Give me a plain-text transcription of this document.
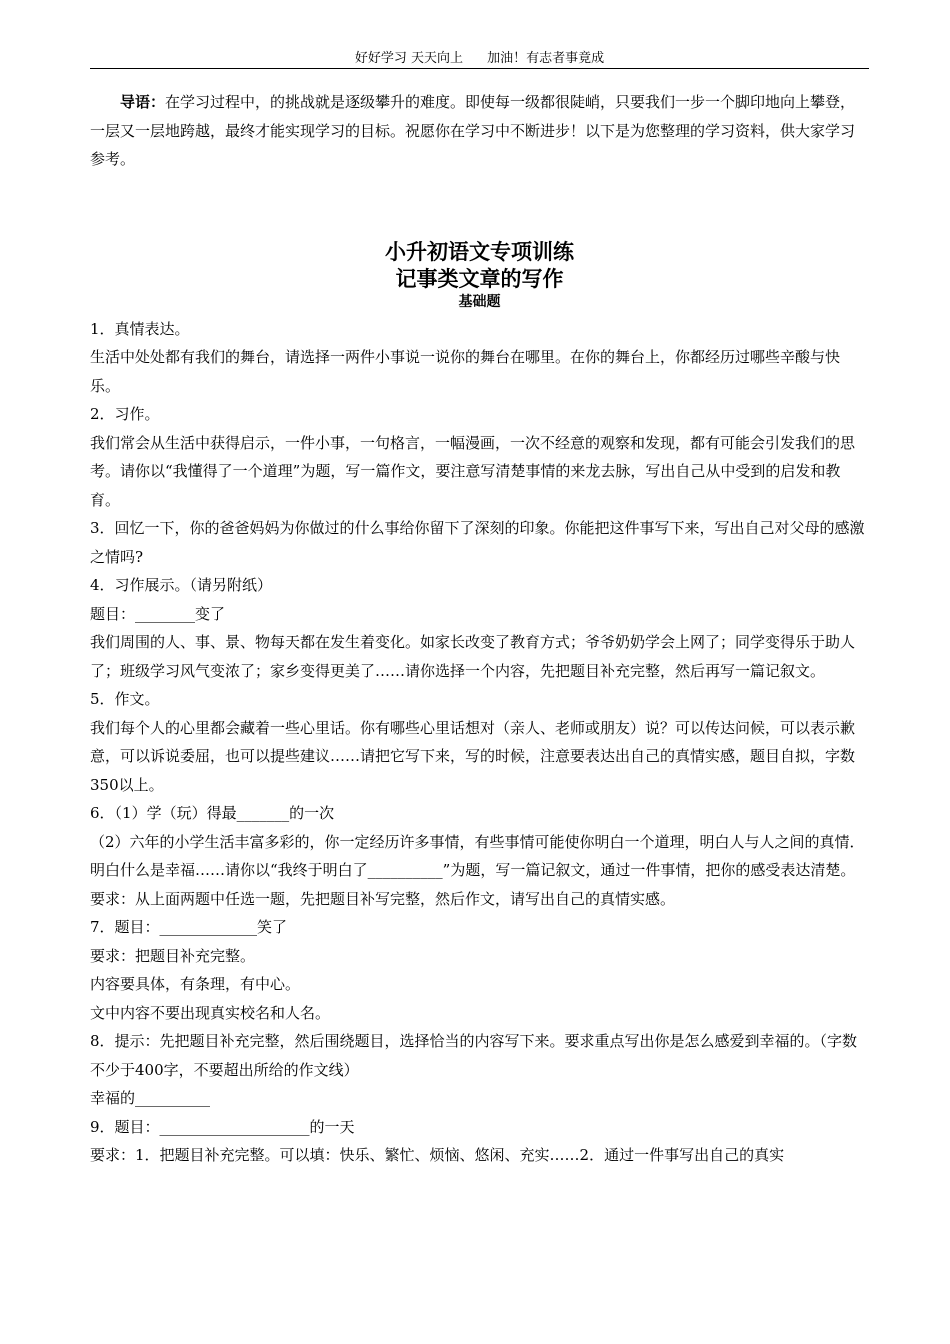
好好学习 天天向上 加油！有志者事竟成

导语：在学习过程中，的挑战就是逐级攀升的难度。即使每一级都很陡峭，只要我们一步一个脚印地向上攀登，一层又一层地跨越，最终才能实现学习的目标。祝愿你在学习中不断进步！以下是为您整理的学习资料，供大家学习参考。

小升初语文专项训练
记事类文章的写作
基础题

1．真情表达。

生活中处处都有我们的舞台，请选择一两件小事说一说你的舞台在哪里。在你的舞台上，你都经历过哪些辛酸与快乐。

2．习作。

我们常会从生活中获得启示，一件小事，一句格言，一幅漫画，一次不经意的观察和发现，都有可能会引发我们的思考。请你以“我懂得了一个道理”为题，写一篇作文，要注意写清楚事情的来龙去脉，写出自己从中受到的启发和教育。

3．回忆一下，你的爸爸妈妈为你做过的什么事给你留下了深刻的印象。你能把这件事写下来，写出自己对父母的感激之情吗?

4．习作展示。（请另附纸）

题目：________变了

我们周围的人、事、景、物每天都在发生着变化。如家长改变了教育方式；爷爷奶奶学会上网了；同学变得乐于助人了；班级学习风气变浓了；家乡变得更美了……请你选择一个内容，先把题目补充完整，然后再写一篇记叙文。

5．作文。

我们每个人的心里都会藏着一些心里话。你有哪些心里话想对（亲人、老师或朋友）说？可以传达问候，可以表示歉意，可以诉说委屈，也可以提些建议……请把它写下来，写的时候，注意要表达出自己的真情实感，题目自拟，字数350以上。

6．（1）学（玩）得最_______的一次

（2）六年的小学生活丰富多彩的，你一定经历许多事情，有些事情可能使你明白一个道理，明白人与人之间的真情．明白什么是幸福……请你以“我终于明白了__________”为题，写一篇记叙文，通过一件事情，把你的感受表达清楚。

要求：从上面两题中任选一题，先把题目补写完整，然后作文，请写出自己的真情实感。

7．题目：_____________笑了

要求：把题目补充完整。

内容要具体，有条理，有中心。

文中内容不要出现真实校名和人名。

8．提示：先把题目补充完整，然后围绕题目，选择恰当的内容写下来。要求重点写出你是怎么感爱到幸福的。（字数不少于400字，不要超出所给的作文线）

幸福的__________

9．题目：____________________的一天

要求：1．把题目补充完整。可以填：快乐、繁忙、烦恼、悠闲、充实……2．通过一件事写出自己的真实
